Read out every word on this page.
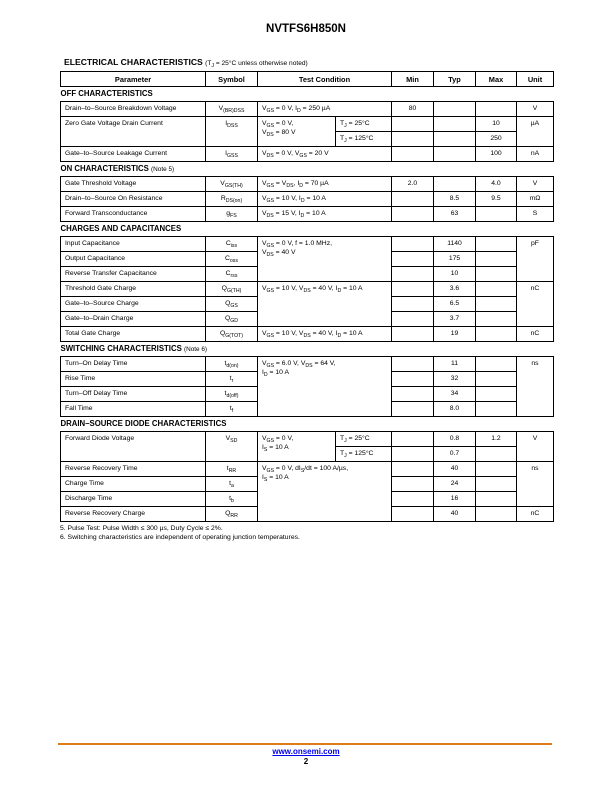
NVTFS6H850N
ELECTRICAL CHARACTERISTICS ($T_J = 25^\circ C$ unless otherwise noted)
Parameter	Symbol	Test Condition		Min	Typ	Max	Unit
OFF CHARACTERISTICS							
Drain–to–Source Breakdown Voltage	$V_{(BR)DSS}$	$V_{GS} = 0$ V, $I_D = 250$ µA		80			V
Zero Gate Voltage Drain Current	$I_{DSS}$	$V_{GS} = 0$ V,
$V_{DS} = 80$ V	$T_J = 25^\circ C$			10	µA
			$T_J = 125^\circ C$			250	
Gate–to–Source Leakage Current	$I_{GSS}$	$V_{DS} = 0$ V, $V_{GS} = 20$ V				100	nA
ON CHARACTERISTICS (Note 5)							
Gate Threshold Voltage	$V_{GS(TH)}$	$V_{GS} = V_{DS}$, $I_D = 70$ µA		2.0		4.0	V
Drain–to–Source On Resistance	$R_{DS(on)}$	$V_{GS} = 10$ V, $I_D = 10$ A			8.5	9.5	mΩ
Forward Transconductance	$g_{FS}$	$V_{DS} = 15$ V, $I_D = 10$ A			63		S
CHARGES AND CAPACITANCES							
Input Capacitance	$C_{iss}$	$V_{GS} = 0$ V, f = 1.0 MHz,
$V_{DS} = 40$ V			1140		pF
Output Capacitance	$C_{oss}$				175		
Reverse Transfer Capacitance	$C_{rss}$				10		
Threshold Gate Charge	$Q_{G(TH)}$	$V_{GS} = 10$ V, $V_{DS} = 40$ V, $I_D = 10$ A			3.6		nC
Gate–to–Source Charge	$Q_{GS}$				6.5		
Gate–to–Drain Charge	$Q_{GD}$				3.7		
Total Gate Charge	$Q_{G(TOT)}$	$V_{GS} = 10$ V, $V_{DS} = 40$ V, $I_D = 10$ A			19		nC
SWITCHING CHARACTERISTICS (Note 6)							
Turn–On Delay Time	$t_{d(on)}$	$V_{GS} = 6.0$ V, $V_{DS} = 64$ V,
$I_D = 10$ A			11		ns
Rise Time	$t_r$				32		
Turn–Off Delay Time	$t_{d(off)}$				34		
Fall Time	$t_f$				8.0		
DRAIN–SOURCE DIODE CHARACTERISTICS							
Forward Diode Voltage	$V_{SD}$	$V_{GS} = 0$ V,
$I_S = 10$ A	$T_J = 25^\circ C$		0.8	1.2	V
			$T_J = 125^\circ C$		0.7		
Reverse Recovery Time	$t_{RR}$	$V_{GS} = 0$ V, $dI_S/dt = 100$ A/µs,
$I_S = 10$ A			40		ns
Charge Time	$t_a$				24		
Discharge Time	$t_b$				16		
Reverse Recovery Charge	$Q_{RR}$				40		nC
5. Pulse Test: Pulse Width ≤ 300 µs, Duty Cycle ≤ 2%.
6. Switching characteristics are independent of operating junction temperatures.
www.onsemi.com
2
